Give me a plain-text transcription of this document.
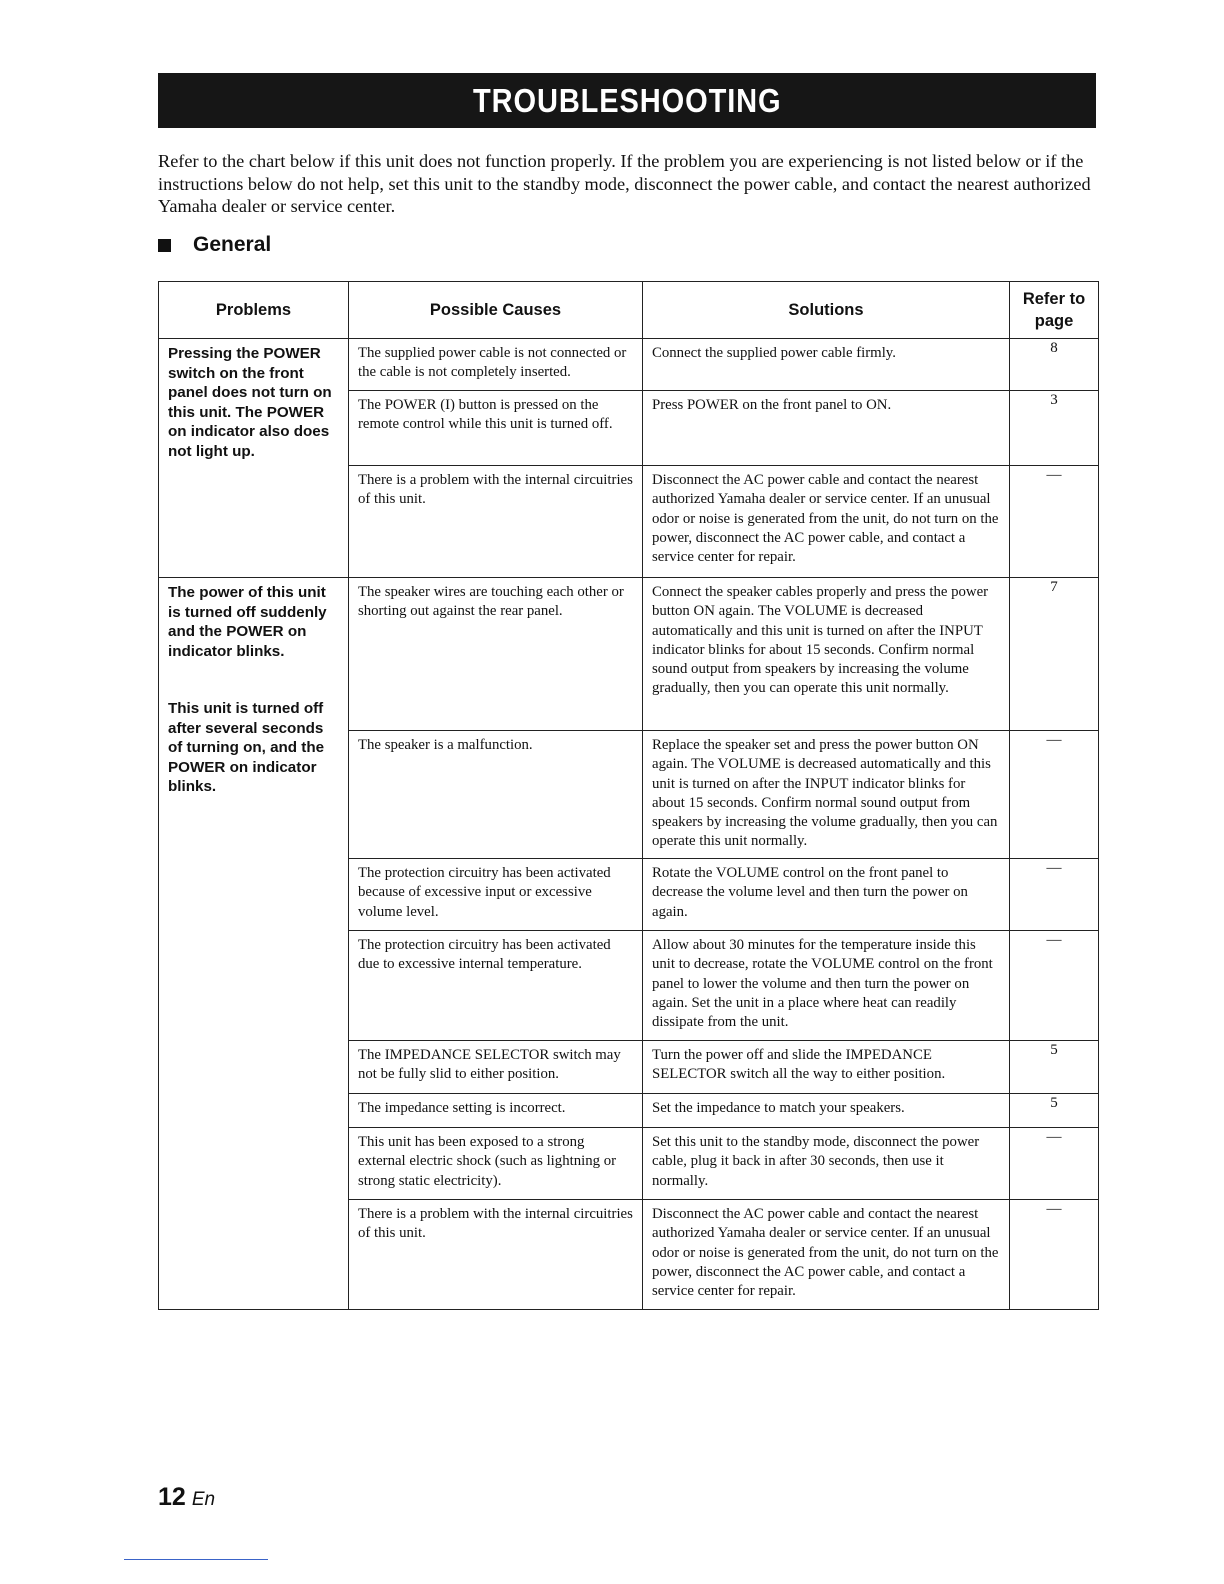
TROUBLESHOOTING

Refer to the chart below if this unit does not function properly. If the problem you are experiencing is not listed below or if the instructions below do not help, set this unit to the standby mode, disconnect the power cable, and contact the nearest authorized Yamaha dealer or service center.

General
Problems	Possible Causes	Solutions	Refer to
page

Pressing the POWER switch on the front panel does not turn on this unit. The POWER on indicator also does not light up.	The supplied power cable is not connected or the cable is not completely inserted.	Connect the supplied power cable firmly.	8
	The POWER (I) button is pressed on the remote control while this unit is turned off.	Press POWER on the front panel to ON.	3
	There is a problem with the internal circuitries of this unit.	Disconnect the AC power cable and contact the nearest authorized Yamaha dealer or service center. If an unusual odor or noise is generated from the unit, do not turn on the power, disconnect the AC power cable, and contact a service center for repair.	—

The power of this unit is turned off suddenly and the POWER on indicator blinks.
This unit is turned off after several seconds of turning on, and the POWER on indicator blinks.	The speaker wires are touching each other or shorting out against the rear panel.	Connect the speaker cables properly and press the power button ON again. The VOLUME is decreased automatically and this unit is turned on after the INPUT indicator blinks for about 15 seconds. Confirm normal sound output from speakers by increasing the volume gradually, then you can operate this unit normally.	7
	The speaker is a malfunction.	Replace the speaker set and press the power button ON again. The VOLUME is decreased automatically and this unit is turned on after the INPUT indicator blinks for about 15 seconds. Confirm normal sound output from speakers by increasing the volume gradually, then you can operate this unit normally.	—
	The protection circuitry has been activated because of excessive input or excessive volume level.	Rotate the VOLUME control on the front panel to decrease the volume level and then turn the power on again.	—
	The protection circuitry has been activated due to excessive internal temperature.	Allow about 30 minutes for the temperature inside this unit to decrease, rotate the VOLUME control on the front panel to lower the volume and then turn the power on again. Set the unit in a place where heat can readily dissipate from the unit.	—
	The IMPEDANCE SELECTOR switch may not be fully slid to either position.	Turn the power off and slide the IMPEDANCE SELECTOR switch all the way to either position.	5
	The impedance setting is incorrect.	Set the impedance to match your speakers.	5
	This unit has been exposed to a strong external electric shock (such as lightning or strong static electricity).	Set this unit to the standby mode, disconnect the power cable, plug it back in after 30 seconds, then use it normally.	—
	There is a problem with the internal circuitries of this unit.	Disconnect the AC power cable and contact the nearest authorized Yamaha dealer or service center. If an unusual odor or noise is generated from the unit, do not turn on the power, disconnect the AC power cable, and contact a service center for repair.	—
12 En
